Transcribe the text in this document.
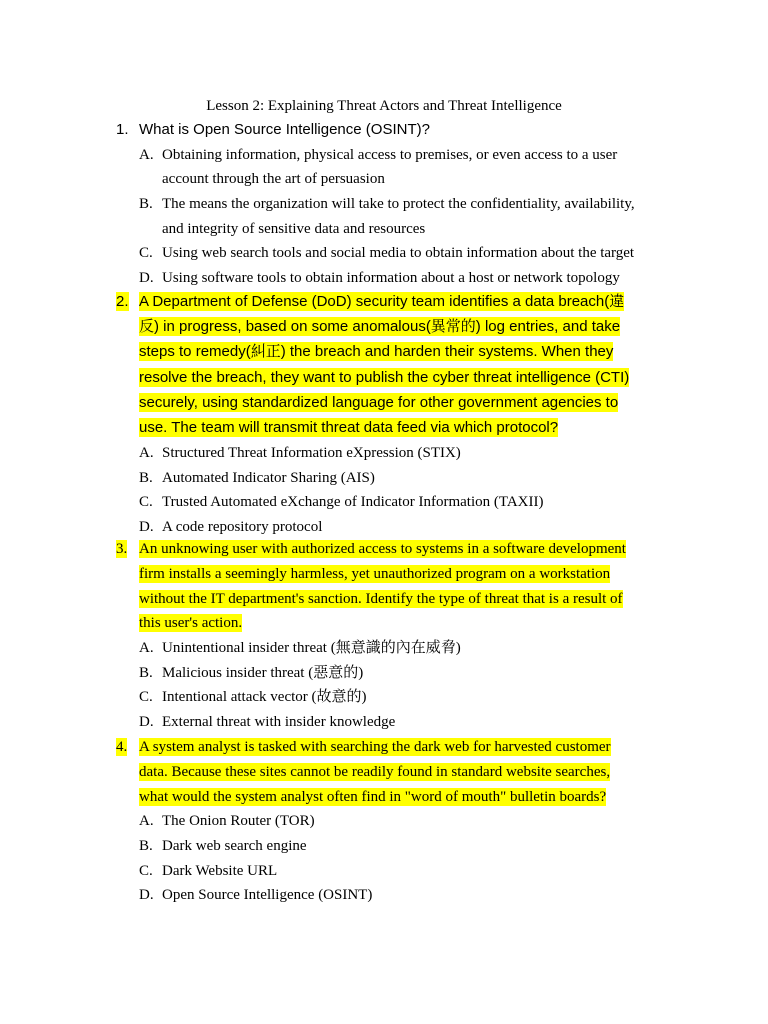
Lesson 2: Explaining Threat Actors and Threat Intelligence
1. What is Open Source Intelligence (OSINT)?
A. Obtaining information, physical access to premises, or even access to a user
account through the art of persuasion
B. The means the organization will take to protect the confidentiality, availability,
and integrity of sensitive data and resources
C. Using web search tools and social media to obtain information about the target
D. Using software tools to obtain information about a host or network topology
2. A Department of Defense (DoD) security team identifies a data breach(違
反) in progress, based on some anomalous(異常的) log entries, and take
steps to remedy(糾正) the breach and harden their systems. When they
resolve the breach, they want to publish the cyber threat intelligence (CTI)
securely, using standardized language for other government agencies to
use. The team will transmit threat data feed via which protocol?
A. Structured Threat Information eXpression (STIX)
B. Automated Indicator Sharing (AIS)
C. Trusted Automated eXchange of Indicator Information (TAXII)
D. A code repository protocol
3. An unknowing user with authorized access to systems in a software development
firm installs a seemingly harmless, yet unauthorized program on a workstation
without the IT department's sanction. Identify the type of threat that is a result of
this user's action.
A. Unintentional insider threat (無意識的內在威脅)
B. Malicious insider threat (惡意的)
C. Intentional attack vector (故意的)
D. External threat with insider knowledge
4. A system analyst is tasked with searching the dark web for harvested customer
data. Because these sites cannot be readily found in standard website searches,
what would the system analyst often find in "word of mouth" bulletin boards?
A. The Onion Router (TOR)
B. Dark web search engine
C. Dark Website URL
D. Open Source Intelligence (OSINT)
